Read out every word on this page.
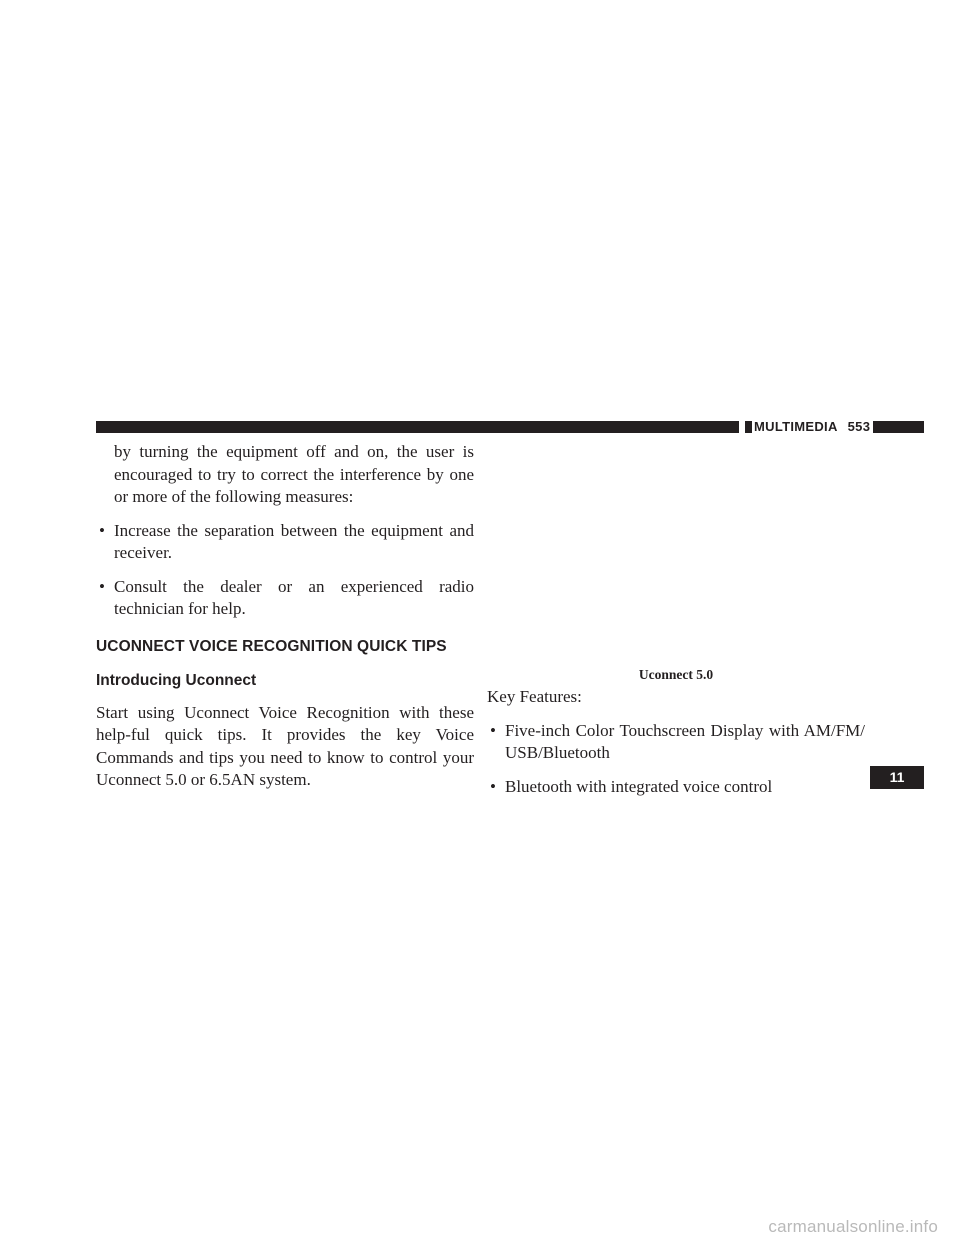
MULTIMEDIA 553

by turning the equipment off and on, the user is encouraged to try to correct the interference by one or more of the following measures:

• Increase the separation between the equipment and receiver.
• Consult the dealer or an experienced radio technician for help.
UCONNECT VOICE RECOGNITION QUICK TIPS
Introducing Uconnect

Start using Uconnect Voice Recognition with these help-ful quick tips. It provides the key Voice Commands and tips you need to know to control your Uconnect 5.0 or 6.5AN system.

Uconnect 5.0

Key Features:

• Five-inch Color Touchscreen Display with AM/FM/ USB/Bluetooth
• Bluetooth with integrated voice control	11
carmanualsonline.info
